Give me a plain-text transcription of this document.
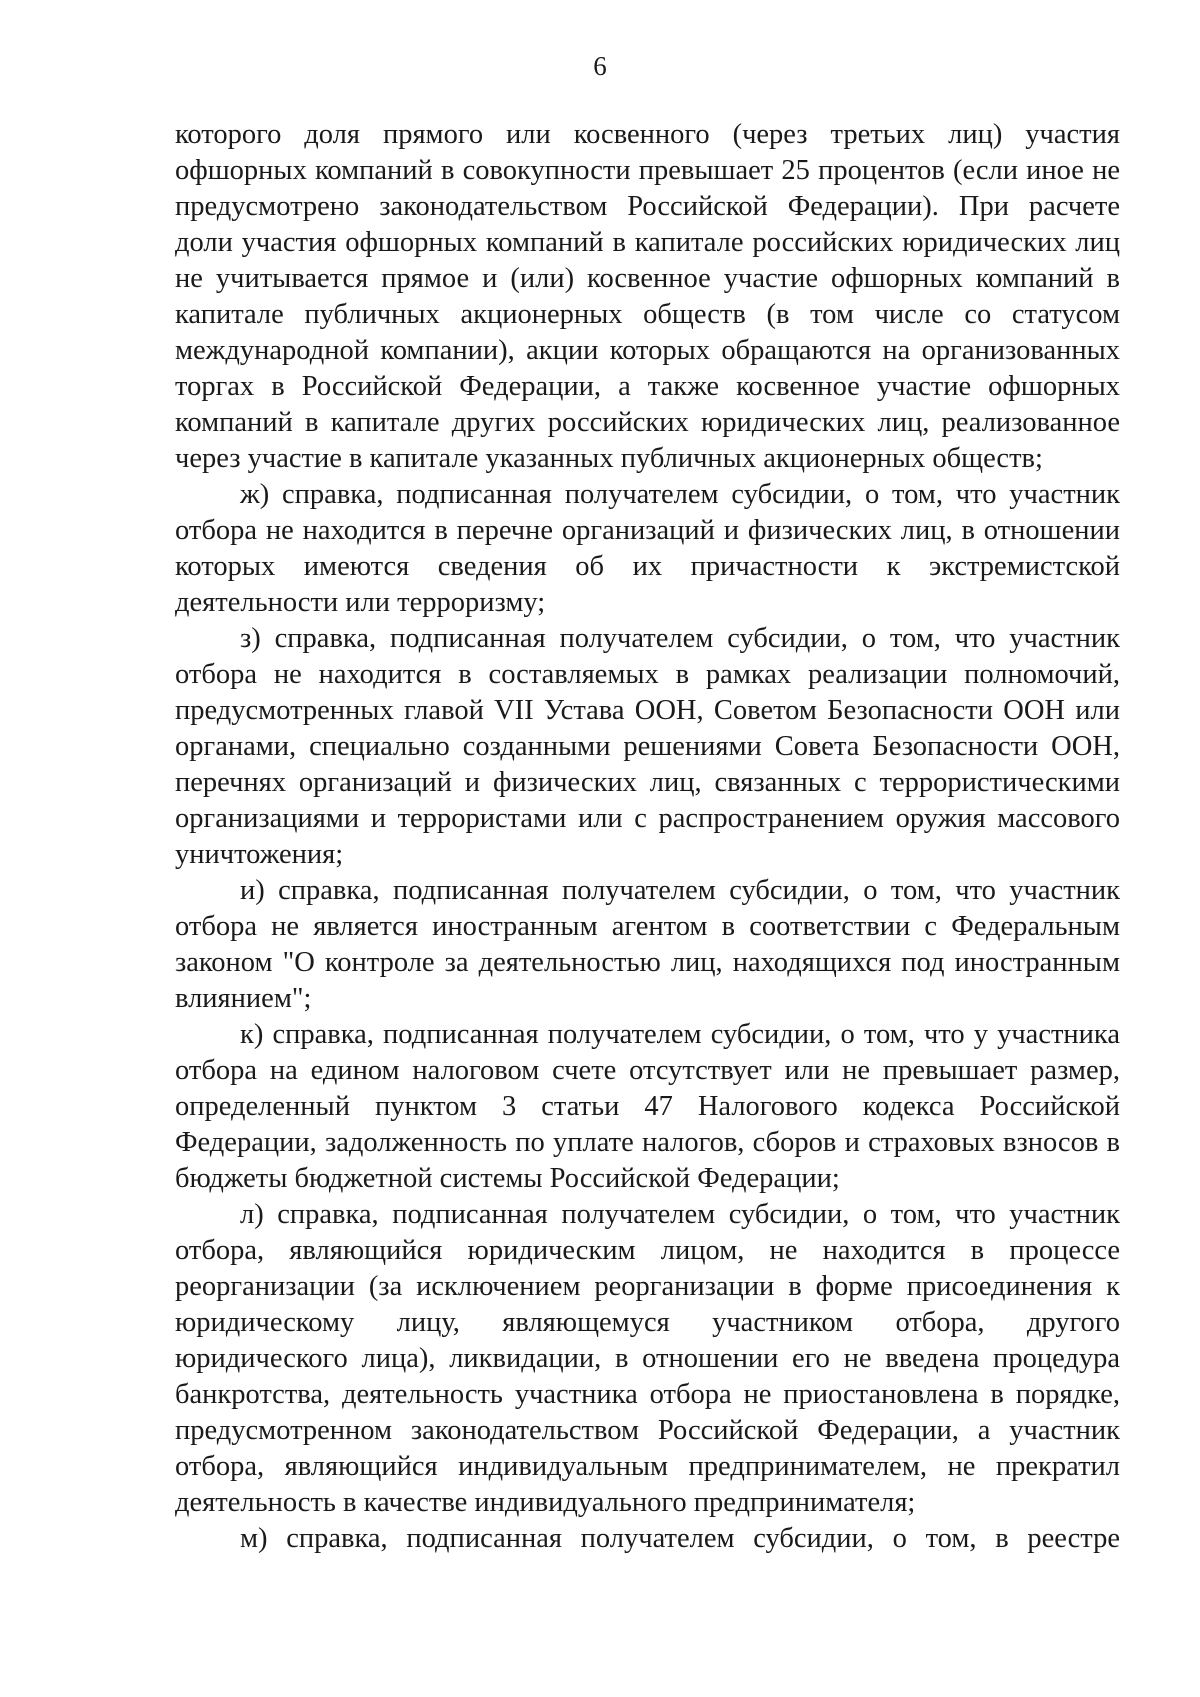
6

которого доля прямого или косвенного (через третьих лиц) участия офшорных компаний в совокупности превышает 25 процентов (если иное не предусмотрено законодательством Российской Федерации). При расчете доли участия офшорных компаний в капитале российских юридических лиц не учитывается прямое и (или) косвенное участие офшорных компаний в капитале публичных акционерных обществ (в том числе со статусом международной компании), акции которых обращаются на организованных торгах в Российской Федерации, а также косвенное участие офшорных компаний в капитале других российских юридических лиц, реализованное через участие в капитале указанных публичных акционерных обществ;

ж) справка, подписанная получателем субсидии, о том, что участник отбора не находится в перечне организаций и физических лиц, в отношении которых имеются сведения об их причастности к экстремистской деятельности или терроризму;

з) справка, подписанная получателем субсидии, о том, что участник отбора не находится в составляемых в рамках реализации полномочий, предусмотренных главой VII Устава ООН, Советом Безопасности ООН или органами, специально созданными решениями Совета Безопасности ООН, перечнях организаций и физических лиц, связанных с террористическими организациями и террористами или с распространением оружия массового уничтожения;

и) справка, подписанная получателем субсидии, о том, что участник отбора не является иностранным агентом в соответствии с Федеральным законом "О контроле за деятельностью лиц, находящихся под иностранным влиянием";

к) справка, подписанная получателем субсидии, о том, что у участника отбора на едином налоговом счете отсутствует или не превышает размер, определенный пунктом 3 статьи 47 Налогового кодекса Российской Федерации, задолженность по уплате налогов, сборов и страховых взносов в бюджеты бюджетной системы Российской Федерации;

л) справка, подписанная получателем субсидии, о том, что участник отбора, являющийся юридическим лицом, не находится в процессе реорганизации (за исключением реорганизации в форме присоединения к юридическому лицу, являющемуся участником отбора, другого юридического лица), ликвидации, в отношении его не введена процедура банкротства, деятельность участника отбора не приостановлена в порядке, предусмотренном законодательством Российской Федерации, а участник отбора, являющийся индивидуальным предпринимателем, не прекратил деятельность в качестве индивидуального предпринимателя;

м) справка, подписанная получателем субсидии, о том, в реестре
